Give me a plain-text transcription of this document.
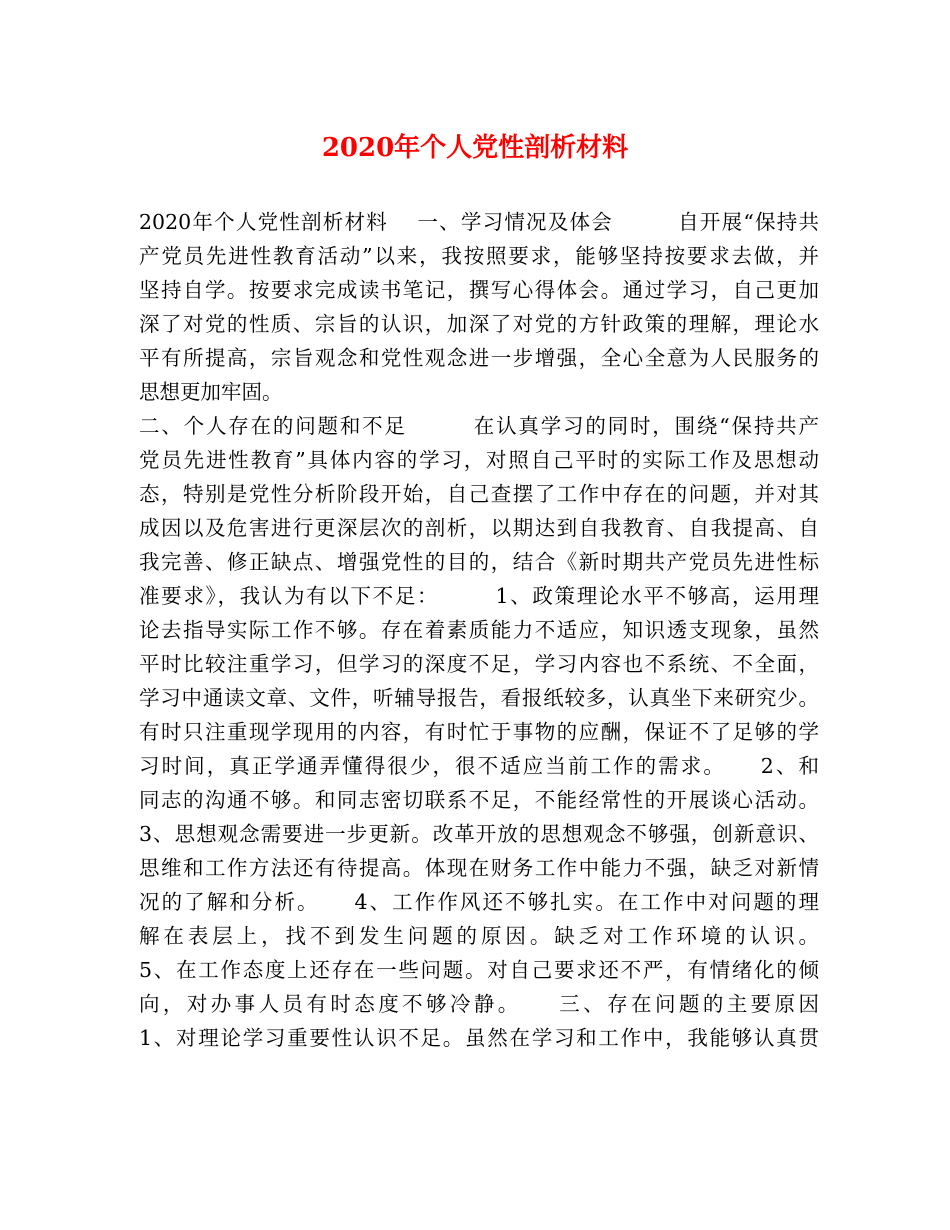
2020年个人党性剖析材料
2020年个人党性剖析材料　 一、学习情况及体会　　　自开展“保持共
产党员先进性教育活动”以来，我按照要求，能够坚持按要求去做，并
坚持自学。按要求完成读书笔记，撰写心得体会。通过学习，自己更加
深了对党的性质、宗旨的认识，加深了对党的方针政策的理解，理论水
平有所提高，宗旨观念和党性观念进一步增强，全心全意为人民服务的
思想更加牢固。
二、个人存在的问题和不足　　　在认真学习的同时，围绕“保持共产
党员先进性教育”具体内容的学习，对照自己平时的实际工作及思想动
态，特别是党性分析阶段开始，自己查摆了工作中存在的问题，并对其
成因以及危害进行更深层次的剖析，以期达到自我教育、自我提高、自
我完善、修正缺点、增强党性的目的，结合《新时期共产党员先进性标
准要求》，我认为有以下不足：　　　1、政策理论水平不够高，运用理
论去指导实际工作不够。存在着素质能力不适应，知识透支现象，虽然
平时比较注重学习，但学习的深度不足，学习内容也不系统、不全面，
学习中通读文章、文件，听辅导报告，看报纸较多，认真坐下来研究少。
有时只注重现学现用的内容，有时忙于事物的应酬，保证不了足够的学
习时间，真正学通弄懂得很少，很不适应当前工作的需求。　　2、和
同志的沟通不够。和同志密切联系不足，不能经常性的开展谈心活动。
3、思想观念需要进一步更新。改革开放的思想观念不够强，创新意识、
思维和工作方法还有待提高。体现在财务工作中能力不强，缺乏对新情
况的了解和分析。　　4、工作作风还不够扎实。在工作中对问题的理
解在表层上，找不到发生问题的原因。缺乏对工作环境的认识。
5、在工作态度上还存在一些问题。对自己要求还不严，有情绪化的倾
向，对办事人员有时态度不够冷静。　　三、存在问题的主要原因
1、对理论学习重要性认识不足。虽然在学习和工作中，我能够认真贯
